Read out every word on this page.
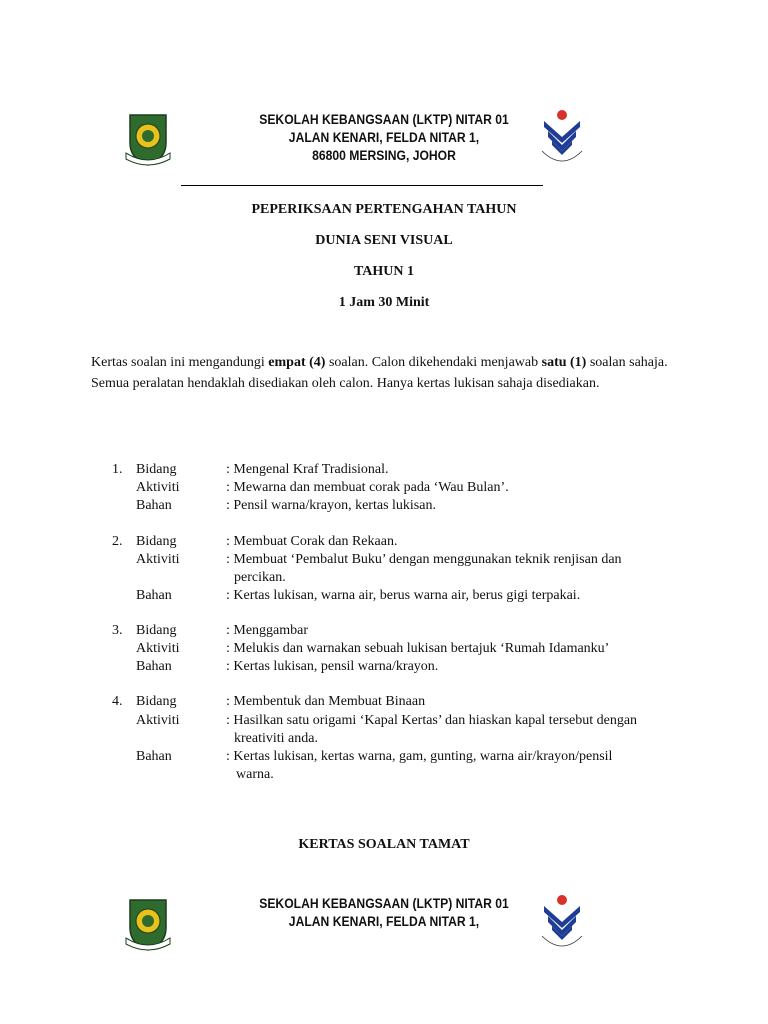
SEKOLAH KEBANGSAAN (LKTP) NITAR 01
JALAN KENARI, FELDA NITAR 1,
86800 MERSING, JOHOR
PEPERIKSAAN PERTENGAHAN TAHUN
DUNIA SENI VISUAL
TAHUN 1
1 Jam 30 Minit
Kertas soalan ini mengandungi empat (4) soalan. Calon dikehendaki menjawab satu (1) soalan sahaja. Semua peralatan hendaklah disediakan oleh calon. Hanya kertas lukisan sahaja disediakan.
1. Bidang	: Mengenal Kraf Tradisional.
Aktiviti	: Mewarna dan membuat corak pada ‘Wau Bulan’.
Bahan	: Pensil warna/krayon, kertas lukisan.
2. Bidang	: Membuat Corak dan Rekaan.
Aktiviti	: Membuat ‘Pembalut Buku’ dengan menggunakan teknik renjisan dan
percikan.
Bahan	: Kertas lukisan, warna air, berus warna air, berus gigi terpakai.
3. Bidang	: Menggambar
Aktiviti	: Melukis dan warnakan sebuah lukisan bertajuk ‘Rumah Idamanku’
Bahan	: Kertas lukisan, pensil warna/krayon.
4. Bidang	: Membentuk dan Membuat Binaan
Aktiviti	: Hasilkan satu origami ‘Kapal Kertas’ dan hiaskan kapal tersebut dengan
kreativiti anda.
Bahan	: Kertas lukisan, kertas warna, gam, gunting, warna air/krayon/pensil
warna.
KERTAS SOALAN TAMAT
SEKOLAH KEBANGSAAN (LKTP) NITAR 01
JALAN KENARI, FELDA NITAR 1,
